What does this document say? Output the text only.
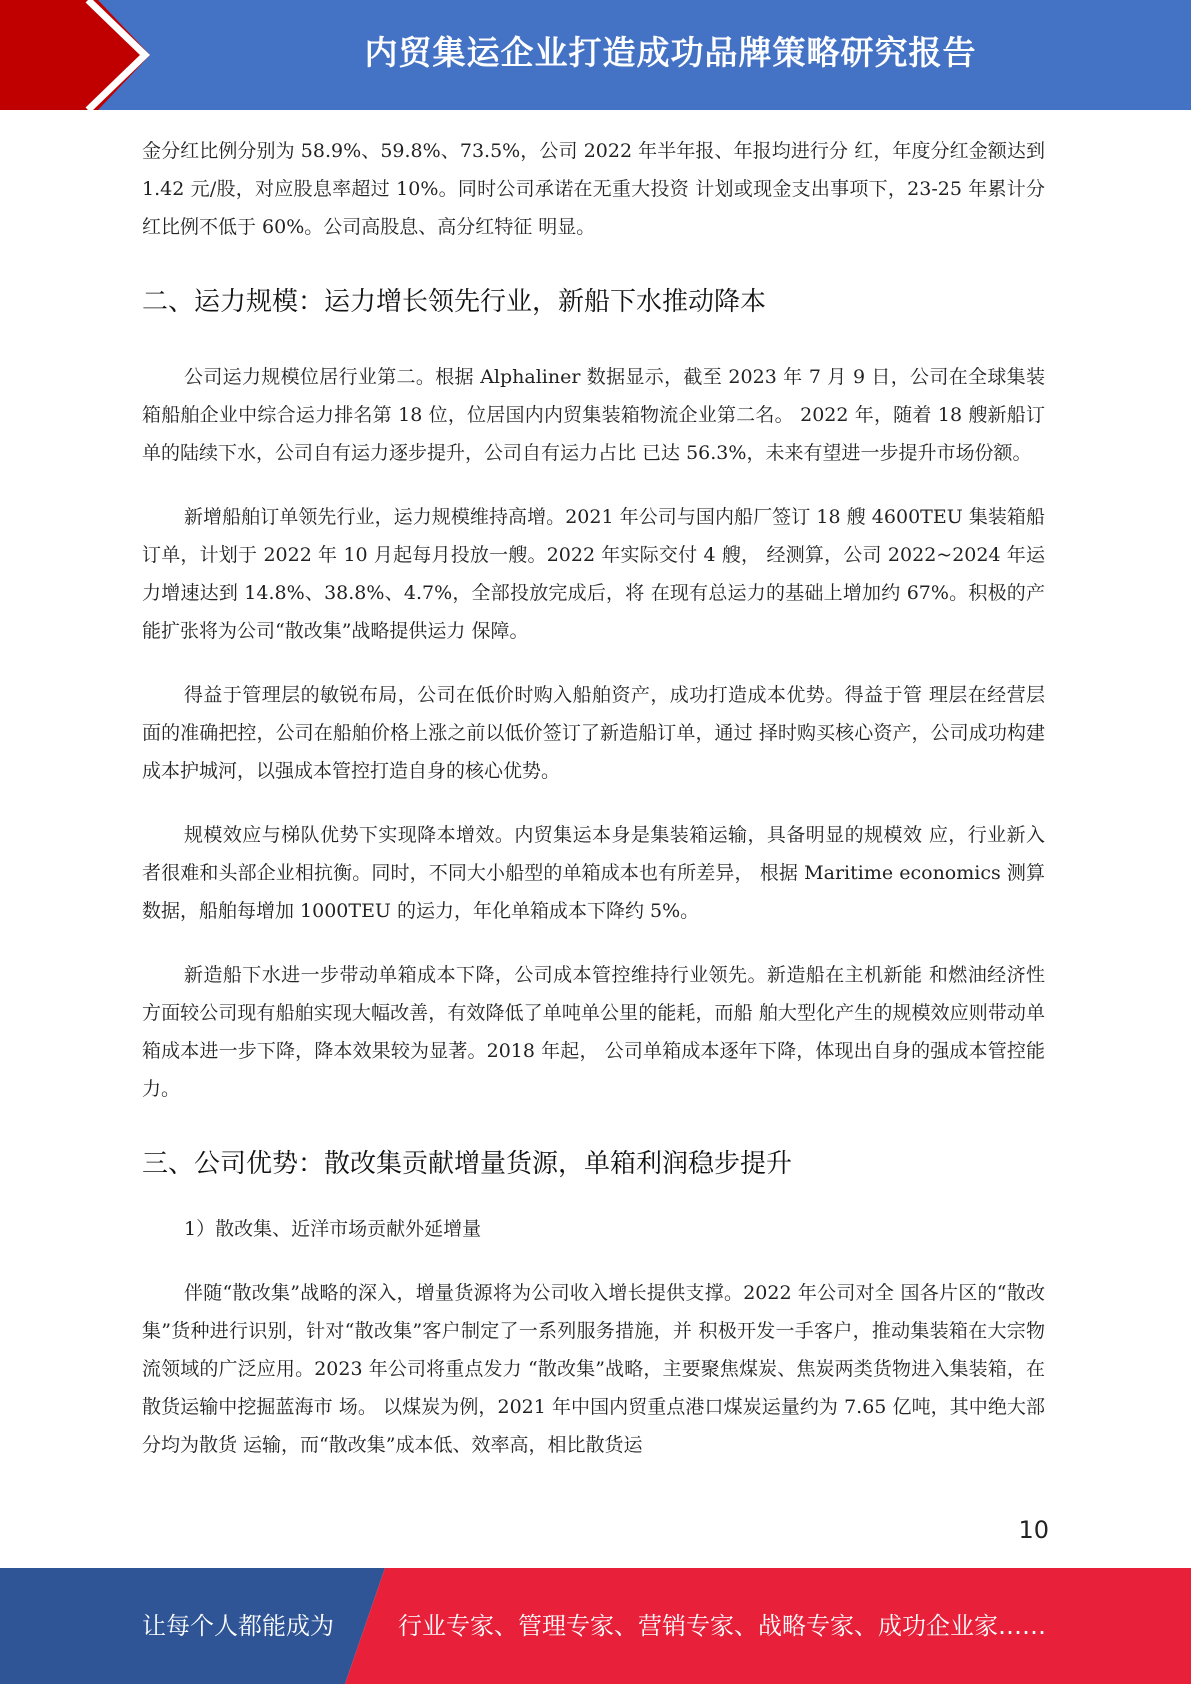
内贸集运企业打造成功品牌策略研究报告

金分红比例分别为 58.9%、59.8%、73.5%，公司 2022 年半年报、年报均进行分 红，年度分红金额达到 1.42 元/股，对应股息率超过 10%。同时公司承诺在无重大投资 计划或现金支出事项下，23-25 年累计分红比例不低于 60%。公司高股息、高分红特征 明显。

二、运力规模：运力增长领先行业，新船下水推动降本

公司运力规模位居行业第二。根据 Alphaliner 数据显示，截至 2023 年 7 月 9 日，公司在全球集装箱船舶企业中综合运力排名第 18 位，位居国内内贸集装箱物流企业第二名。 2022 年，随着 18 艘新船订单的陆续下水，公司自有运力逐步提升，公司自有运力占比 已达 56.3%，未来有望进一步提升市场份额。

新增船舶订单领先行业，运力规模维持高增。2021 年公司与国内船厂签订 18 艘 4600TEU 集装箱船订单，计划于 2022 年 10 月起每月投放一艘。2022 年实际交付 4 艘， 经测算，公司 2022~2024 年运力增速达到 14.8%、38.8%、4.7%，全部投放完成后，将 在现有总运力的基础上增加约 67%。积极的产能扩张将为公司“散改集”战略提供运力 保障。

得益于管理层的敏锐布局，公司在低价时购入船舶资产，成功打造成本优势。得益于管 理层在经营层面的准确把控，公司在船舶价格上涨之前以低价签订了新造船订单，通过 择时购买核心资产，公司成功构建成本护城河，以强成本管控打造自身的核心优势。

规模效应与梯队优势下实现降本增效。内贸集运本身是集装箱运输，具备明显的规模效 应，行业新入者很难和头部企业相抗衡。同时，不同大小船型的单箱成本也有所差异， 根据 Maritime economics 测算数据，船舶每增加 1000TEU 的运力，年化单箱成本下降约 5%。

新造船下水进一步带动单箱成本下降，公司成本管控维持行业领先。新造船在主机新能 和燃油经济性方面较公司现有船舶实现大幅改善，有效降低了单吨单公里的能耗，而船 舶大型化产生的规模效应则带动单箱成本进一步下降，降本效果较为显著。2018 年起， 公司单箱成本逐年下降，体现出自身的强成本管控能力。

三、公司优势：散改集贡献增量货源，单箱利润稳步提升

1）散改集、近洋市场贡献外延增量

伴随“散改集”战略的深入，增量货源将为公司收入增长提供支撑。2022 年公司对全 国各片区的“散改集”货种进行识别，针对“散改集”客户制定了一系列服务措施，并 积极开发一手客户，推动集装箱在大宗物流领域的广泛应用。2023 年公司将重点发力 “散改集”战略，主要聚焦煤炭、焦炭两类货物进入集装箱，在散货运输中挖掘蓝海市 场。 以煤炭为例，2021 年中国内贸重点港口煤炭运量约为 7.65 亿吨，其中绝大部分均为散货 运输，而“散改集”成本低、效率高，相比散货运

10
让每个人都能成为	行业专家、管理专家、营销专家、战略专家、成功企业家……
